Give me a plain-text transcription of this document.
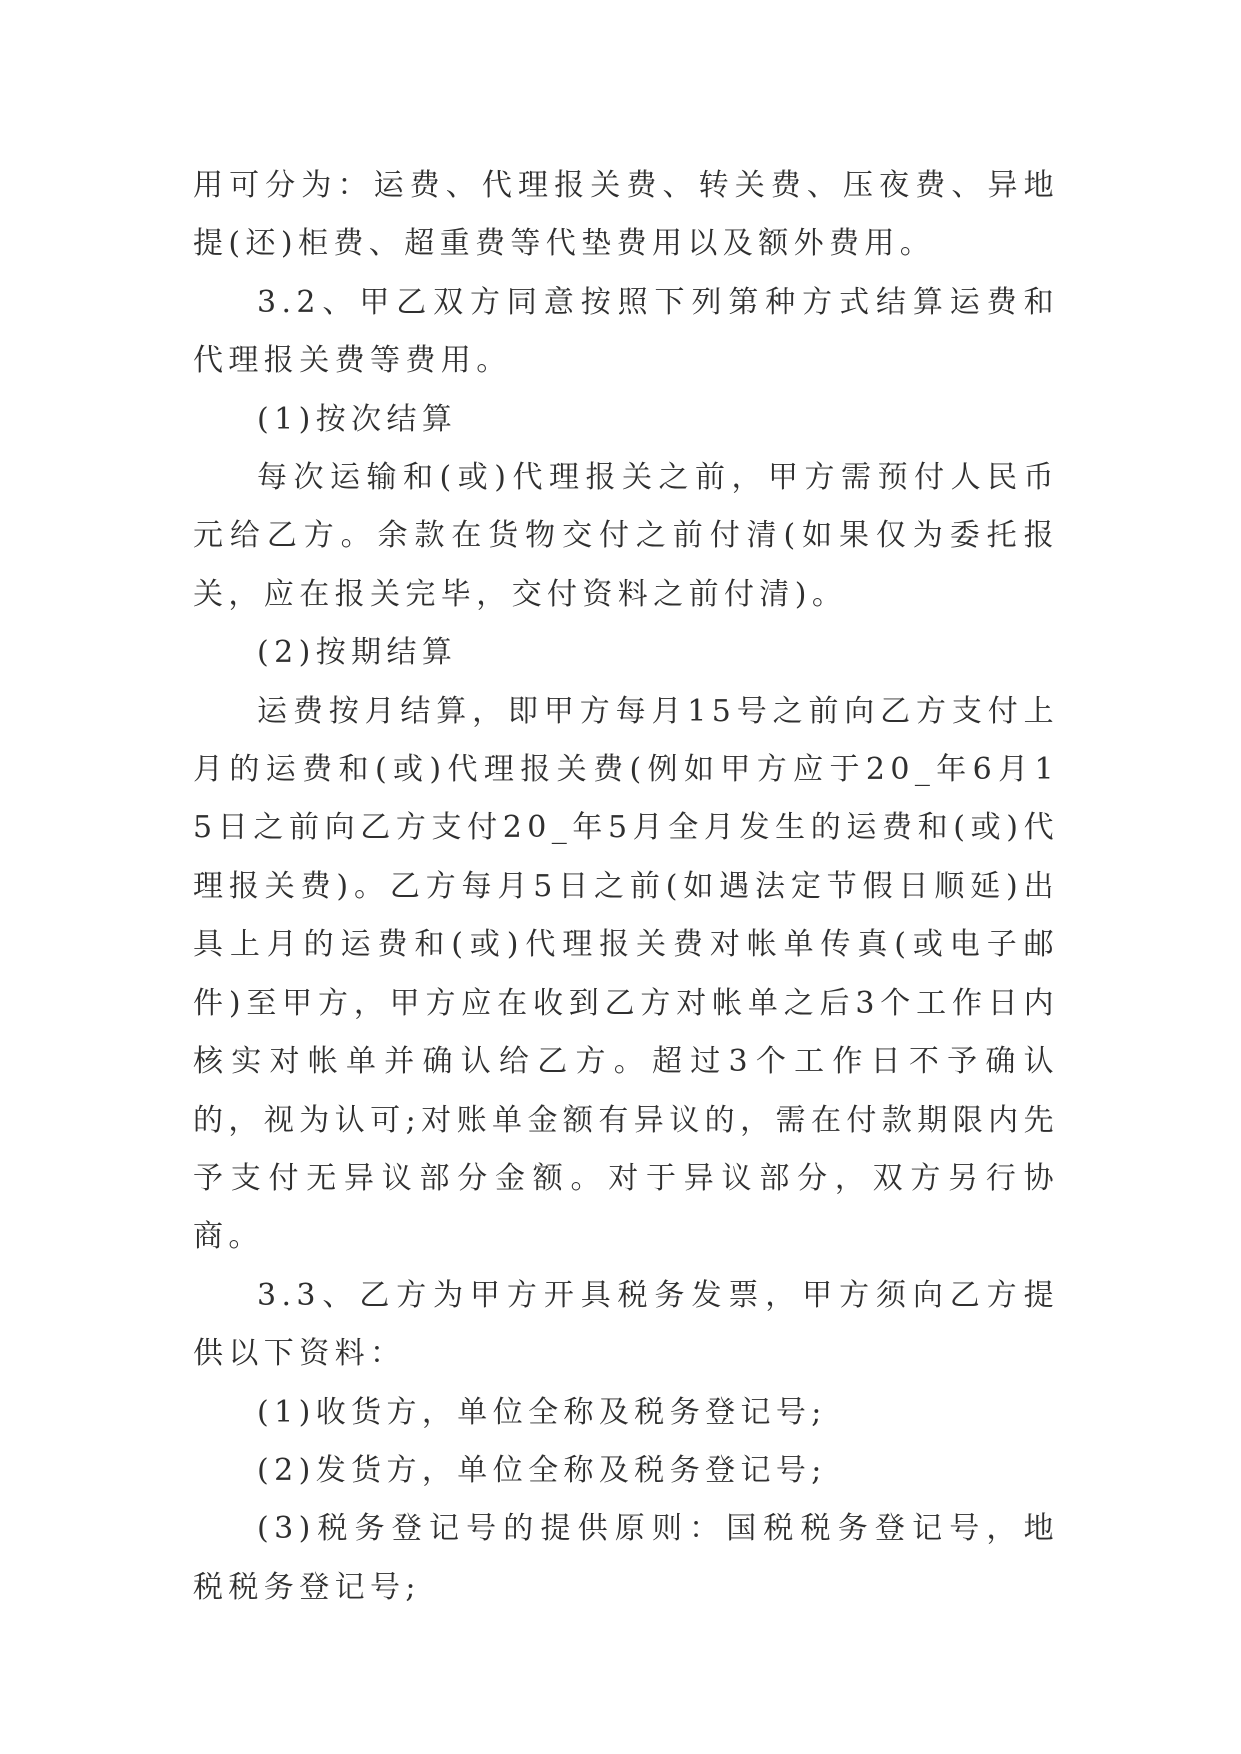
用可分为：运费、代理报关费、转关费、压夜费、异地提(还)柜费、超重费等代垫费用以及额外费用。

3.2、甲乙双方同意按照下列第种方式结算运费和代理报关费等费用。

(1)按次结算

每次运输和(或)代理报关之前，甲方需预付人民币元给乙方。余款在货物交付之前付清(如果仅为委托报关，应在报关完毕，交付资料之前付清)。

(2)按期结算

运费按月结算，即甲方每月15号之前向乙方支付上月的运费和(或)代理报关费(例如甲方应于20_年6月15日之前向乙方支付20_年5月全月发生的运费和(或)代理报关费)。乙方每月5日之前(如遇法定节假日顺延)出具上月的运费和(或)代理报关费对帐单传真(或电子邮件)至甲方，甲方应在收到乙方对帐单之后3个工作日内核实对帐单并确认给乙方。超过3个工作日不予确认的，视为认可;对账单金额有异议的，需在付款期限内先予支付无异议部分金额。对于异议部分，双方另行协商。

3.3、乙方为甲方开具税务发票，甲方须向乙方提供以下资料：

(1)收货方，单位全称及税务登记号;

(2)发货方，单位全称及税务登记号;

(3)税务登记号的提供原则：国税税务登记号，地税税务登记号;
